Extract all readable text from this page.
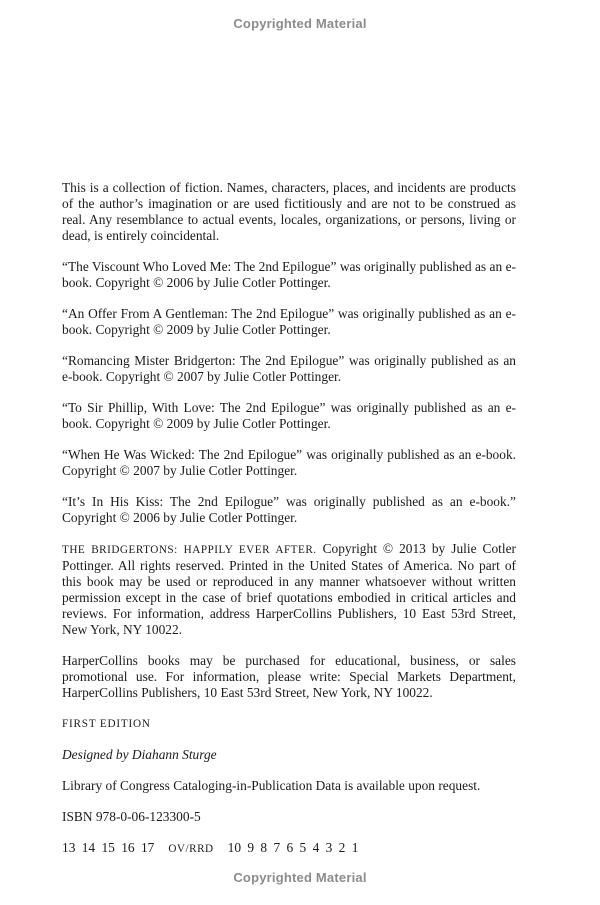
Copyrighted Material

This is a collection of fiction. Names, characters, places, and incidents are products of the author’s imagination or are used fictitiously and are not to be construed as real. Any resemblance to actual events, locales, organizations, or persons, living or dead, is entirely coincidental.

“The Viscount Who Loved Me: The 2nd Epilogue” was originally published as an e-book. Copyright © 2006 by Julie Cotler Pottinger.

“An Offer From A Gentleman: The 2nd Epilogue” was originally published as an e-book. Copyright © 2009 by Julie Cotler Pottinger.

“Romancing Mister Bridgerton: The 2nd Epilogue” was originally published as an e-book. Copyright © 2007 by Julie Cotler Pottinger.

“To Sir Phillip, With Love: The 2nd Epilogue” was originally published as an e-book. Copyright © 2009 by Julie Cotler Pottinger.

“When He Was Wicked: The 2nd Epilogue” was originally published as an e-book. Copyright © 2007 by Julie Cotler Pottinger.

“It’s In His Kiss: The 2nd Epilogue” was originally published as an e-book.” Copyright © 2006 by Julie Cotler Pottinger.

THE BRIDGERTONS: HAPPILY EVER AFTER. Copyright © 2013 by Julie Cotler Pottinger. All rights reserved. Printed in the United States of America. No part of this book may be used or reproduced in any manner whatsoever without written permission except in the case of brief quotations embodied in critical articles and reviews. For information, address HarperCollins Publishers, 10 East 53rd Street, New York, NY 10022.

HarperCollins books may be purchased for educational, business, or sales promotional use. For information, please write: Special Markets Department, HarperCollins Publishers, 10 East 53rd Street, New York, NY 10022.

FIRST EDITION

Designed by Diahann Sturge

Library of Congress Cataloging-in-Publication Data is available upon request.

ISBN 978-0-06-123300-5

13 14 15 16 17 OV/RRD 10 9 8 7 6 5 4 3 2 1

Copyrighted Material
